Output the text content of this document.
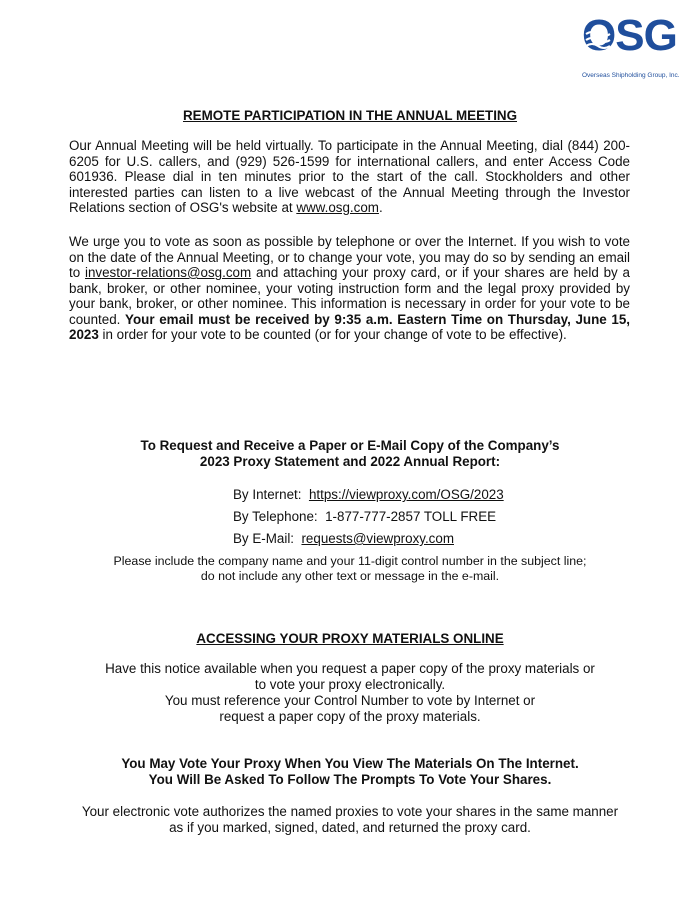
OSG
Overseas Shipholding Group, Inc.
REMOTE PARTICIPATION IN THE ANNUAL MEETING
Our Annual Meeting will be held virtually. To participate in the Annual Meeting, dial (844) 200-6205 for U.S. callers, and (929) 526-1599 for international callers, and enter Access Code 601936. Please dial in ten minutes prior to the start of the call. Stockholders and other interested parties can listen to a live webcast of the Annual Meeting through the Investor Relations section of OSG's website at www.osg.com.
We urge you to vote as soon as possible by telephone or over the Internet. If you wish to vote on the date of the Annual Meeting, or to change your vote, you may do so by sending an email to investor-relations@osg.com and attaching your proxy card, or if your shares are held by a bank, broker, or other nominee, your voting instruction form and the legal proxy provided by your bank, broker, or other nominee. This information is necessary in order for your vote to be counted. Your email must be received by 9:35 a.m. Eastern Time on Thursday, June 15, 2023 in order for your vote to be counted (or for your change of vote to be effective).
To Request and Receive a Paper or E-Mail Copy of the Company’s
2023 Proxy Statement and 2022 Annual Report:
By Internet: https://viewproxy.com/OSG/2023
By Telephone: 1-877-777-2857 TOLL FREE
By E-Mail: requests@viewproxy.com
Please include the company name and your 11-digit control number in the subject line;
do not include any other text or message in the e-mail.
ACCESSING YOUR PROXY MATERIALS ONLINE
Have this notice available when you request a paper copy of the proxy materials or
to vote your proxy electronically.
You must reference your Control Number to vote by Internet or
request a paper copy of the proxy materials.
You May Vote Your Proxy When You View The Materials On The Internet.
You Will Be Asked To Follow The Prompts To Vote Your Shares.
Your electronic vote authorizes the named proxies to vote your shares in the same manner
as if you marked, signed, dated, and returned the proxy card.
